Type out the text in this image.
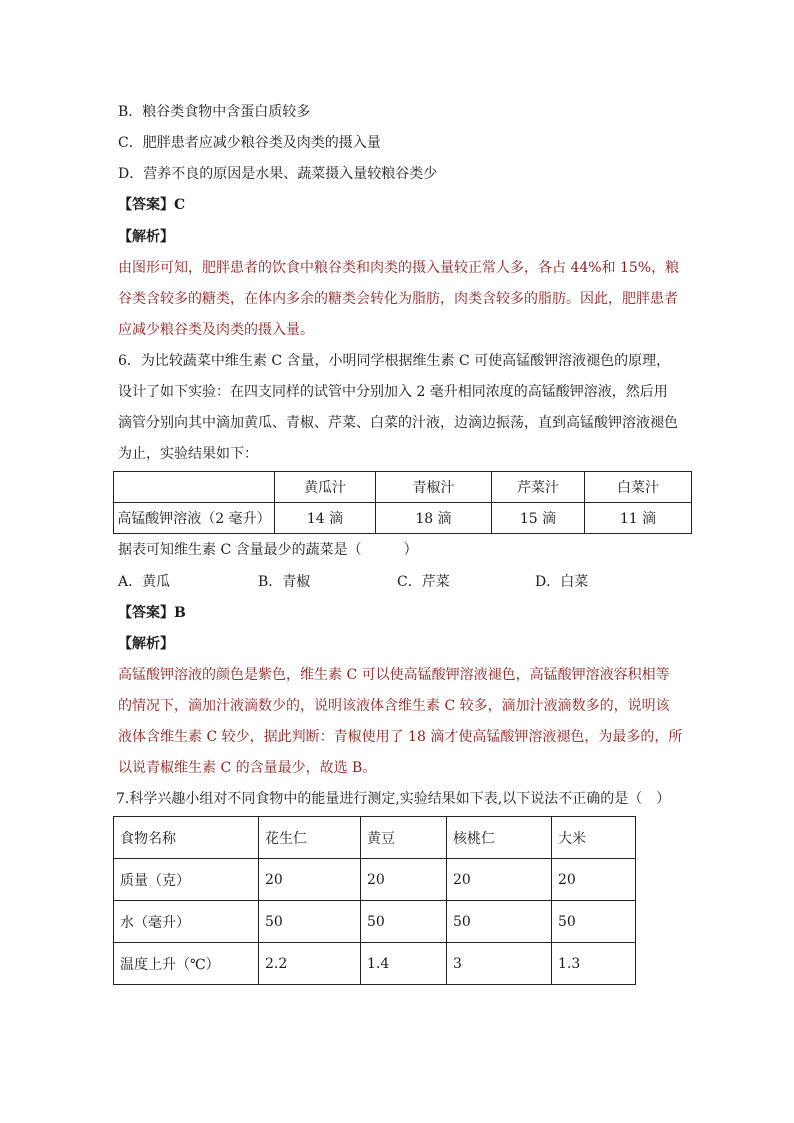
B．粮谷类食物中含蛋白质较多
C．肥胖患者应减少粮谷类及肉类的摄入量
D．营养不良的原因是水果、蔬菜摄入量较粮谷类少
【答案】C
【解析】
由图形可知，肥胖患者的饮食中粮谷类和肉类的摄入量较正常人多，各占 44%和 15%，粮
谷类含较多的糖类，在体内多余的糖类会转化为脂肪，肉类含较多的脂肪。因此，肥胖患者
应减少粮谷类及肉类的摄入量。
6．为比较蔬菜中维生素 C 含量，小明同学根据维生素 C 可使高锰酸钾溶液褪色的原理，
设计了如下实验：在四支同样的试管中分别加入 2 毫升相同浓度的高锰酸钾溶液，然后用
滴管分别向其中滴加黄瓜、青椒、芹菜、白菜的汁液，边滴边振荡，直到高锰酸钾溶液褪色
为止，实验结果如下：
	黄瓜汁	青椒汁	芹菜汁	白菜汁
高锰酸钾溶液（2 毫升）	14 滴	18 滴	15 滴	11 滴
据表可知维生素 C 含量最少的蔬菜是（　　　）
A．黄瓜	B．青椒	C．芹菜	D．白菜
【答案】B
【解析】
高锰酸钾溶液的颜色是紫色，维生素 C 可以使高锰酸钾溶液褪色，高锰酸钾溶液容积相等
的情况下，滴加汁液滴数少的，说明该液体含维生素 C 较多，滴加汁液滴数多的，说明该
液体含维生素 C 较少，据此判断：青椒使用了 18 滴才使高锰酸钾溶液褪色，为最多的，所
以说青椒维生素 C 的含量最少，故选 B。
7.科学兴趣小组对不同食物中的能量进行测定,实验结果如下表,以下说法不正确的是（　）
食物名称	花生仁	黄豆	核桃仁	大米
质量（克）	20	20	20	20
水（毫升）	50	50	50	50
温度上升（℃）	2.2	1.4	3	1.3
